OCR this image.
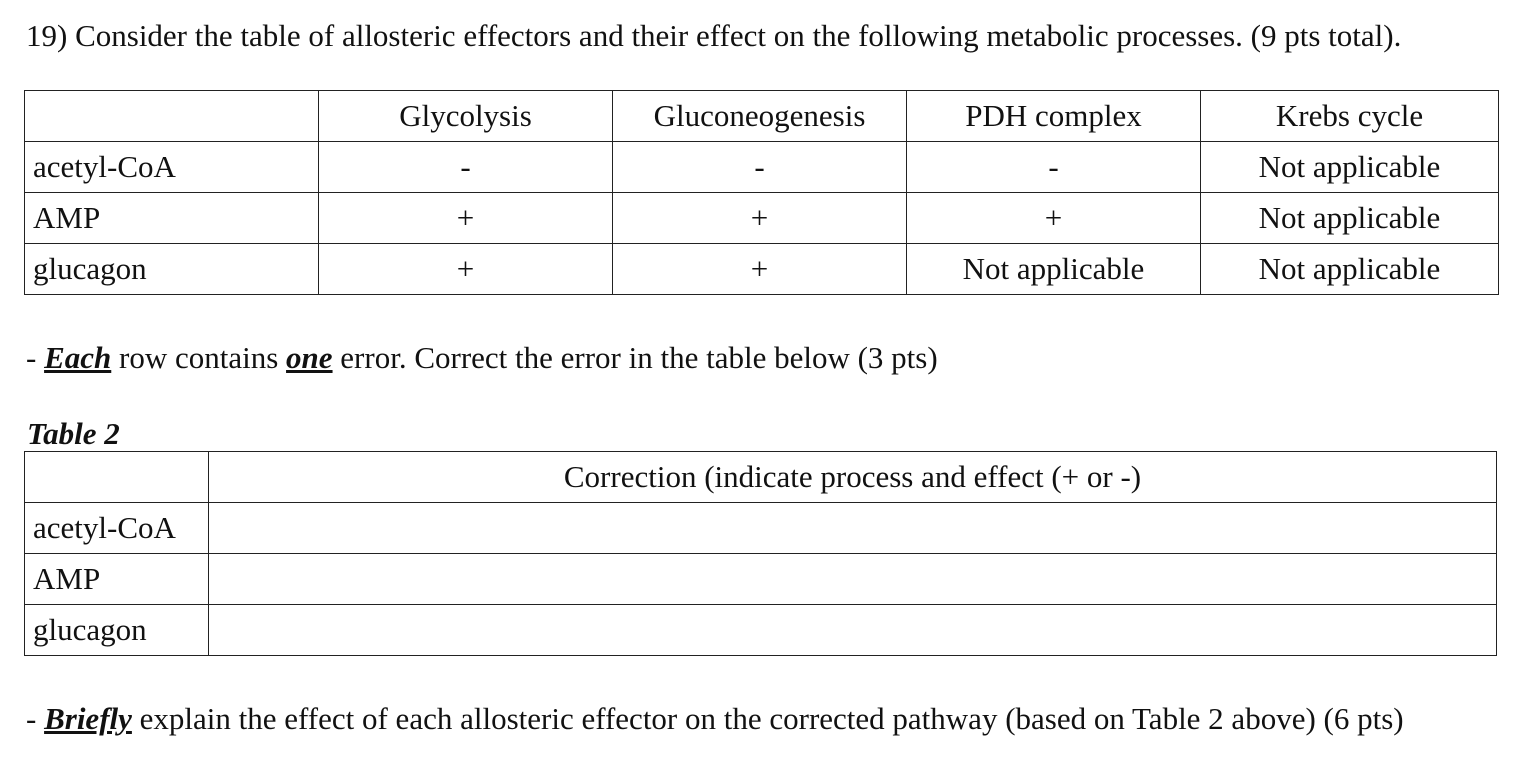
19) Consider the table of allosteric effectors and their effect on the following metabolic processes. (9 pts total).
	Glycolysis	Gluconeogenesis	PDH complex	Krebs cycle
acetyl-CoA	-	-	-	Not applicable
AMP	+	+	+	Not applicable
glucagon	+	+	Not applicable	Not applicable
- Each row contains one error. Correct the error in the table below (3 pts)
Table 2
	Correction (indicate process and effect (+ or -)
acetyl-CoA	
AMP	
glucagon	
- Briefly explain the effect of each allosteric effector on the corrected pathway (based on Table 2 above) (6 pts)
